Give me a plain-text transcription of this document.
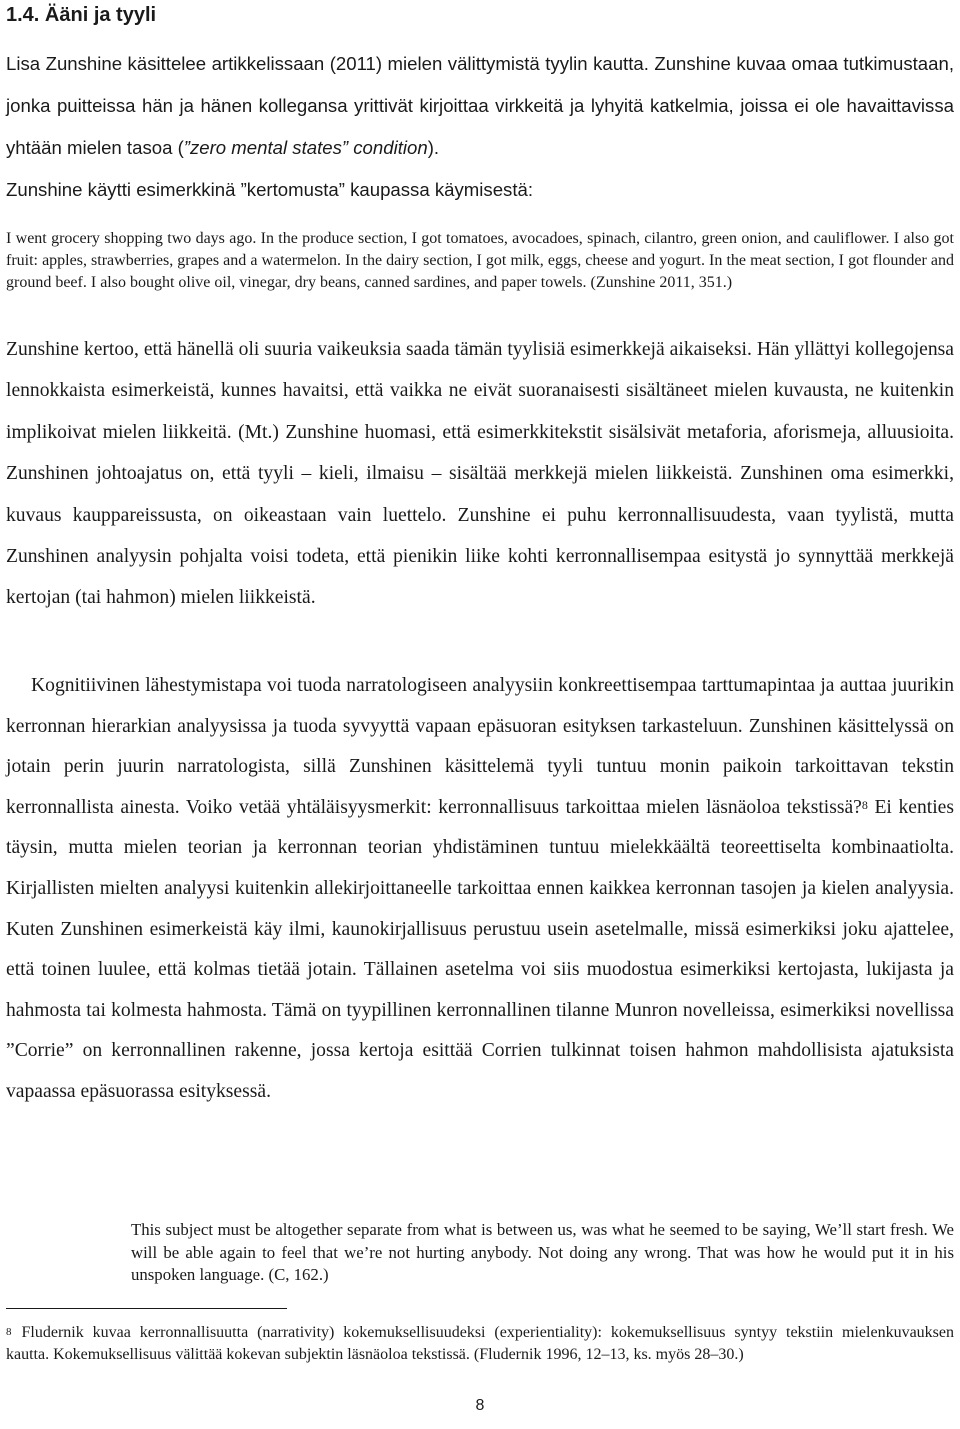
1.4. Ääni ja tyyli

Lisa Zunshine käsittelee artikkelissaan (2011) mielen välittymistä tyylin kautta. Zunshine kuvaa omaa tutkimustaan, jonka puitteissa hän ja hänen kollegansa yrittivät kirjoittaa virkkeitä ja lyhyitä katkelmia, joissa ei ole havaittavissa yhtään mielen tasoa (”zero mental states” condition).
Zunshine käytti esimerkkinä ”kertomusta” kaupassa käymisestä:

I went grocery shopping two days ago. In the produce section, I got tomatoes, avocadoes, spinach, cilantro, green onion, and cauliflower. I also got fruit: apples, strawberries, grapes and a watermelon. In the dairy section, I got milk, eggs, cheese and yogurt. In the meat section, I got flounder and ground beef. I also bought olive oil, vinegar, dry beans, canned sardines, and paper towels. (Zunshine 2011, 351.)

Zunshine kertoo, että hänellä oli suuria vaikeuksia saada tämän tyylisiä esimerkkejä aikaiseksi. Hän yllättyi kollegojensa lennokkaista esimerkeistä, kunnes havaitsi, että vaikka ne eivät suoranaisesti sisältäneet mielen kuvausta, ne kuitenkin implikoivat mielen liikkeitä. (Mt.) Zunshine huomasi, että esimerkkitekstit sisälsivät metaforia, aforismeja, alluusioita. Zunshinen johtoajatus on, että tyyli – kieli, ilmaisu – sisältää merkkejä mielen liikkeistä. Zunshinen oma esimerkki, kuvaus kauppareissusta, on oikeastaan vain luettelo. Zunshine ei puhu kerronnallisuudesta, vaan tyylistä, mutta Zunshinen analyysin pohjalta voisi todeta, että pienikin liike kohti kerronnallisempaa esitystä jo synnyttää merkkejä kertojan (tai hahmon) mielen liikkeistä.

Kognitiivinen lähestymistapa voi tuoda narratologiseen analyysiin konkreettisempaa tarttumapintaa ja auttaa juurikin kerronnan hierarkian analyysissa ja tuoda syvyyttä vapaan epäsuoran esityksen tarkasteluun. Zunshinen käsittelyssä on jotain perin juurin narratologista, sillä Zunshinen käsittelemä tyyli tuntuu monin paikoin tarkoittavan tekstin kerronnallista ainesta. Voiko vetää yhtäläisyysmerkit: kerronnallisuus tarkoittaa mielen läsnäoloa tekstissä?$^8$ Ei kenties täysin, mutta mielen teorian ja kerronnan teorian yhdistäminen tuntuu mielekkäältä teoreettiselta kombinaatiolta. Kirjallisten mielten analyysi kuitenkin allekirjoittaneelle tarkoittaa ennen kaikkea kerronnan tasojen ja kielen analyysia. Kuten Zunshinen esimerkeistä käy ilmi, kaunokirjallisuus perustuu usein asetelmalle, missä esimerkiksi joku ajattelee, että toinen luulee, että kolmas tietää jotain. Tällainen asetelma voi siis muodostua esimerkiksi kertojasta, lukijasta ja hahmosta tai kolmesta hahmosta. Tämä on tyypillinen kerronnallinen tilanne Munron novelleissa, esimerkiksi novellissa ”Corrie” on kerronnallinen rakenne, jossa kertoja esittää Corrien tulkinnat toisen hahmon mahdollisista ajatuksista vapaassa epäsuorassa esityksessä.

This subject must be altogether separate from what is between us, was what he seemed to be saying, We’ll start fresh. We will be able again to feel that we’re not hurting anybody. Not doing any wrong. That was how he would put it in his unspoken language. (C, 162.)

$^8$ Fludernik kuvaa kerronnallisuutta (narrativity) kokemuksellisuudeksi (experientiality): kokemuksellisuus syntyy tekstiin mielenkuvauksen kautta. Kokemuksellisuus välittää kokevan subjektin läsnäoloa tekstissä. (Fludernik 1996, 12–13, ks. myös 28–30.)

8
